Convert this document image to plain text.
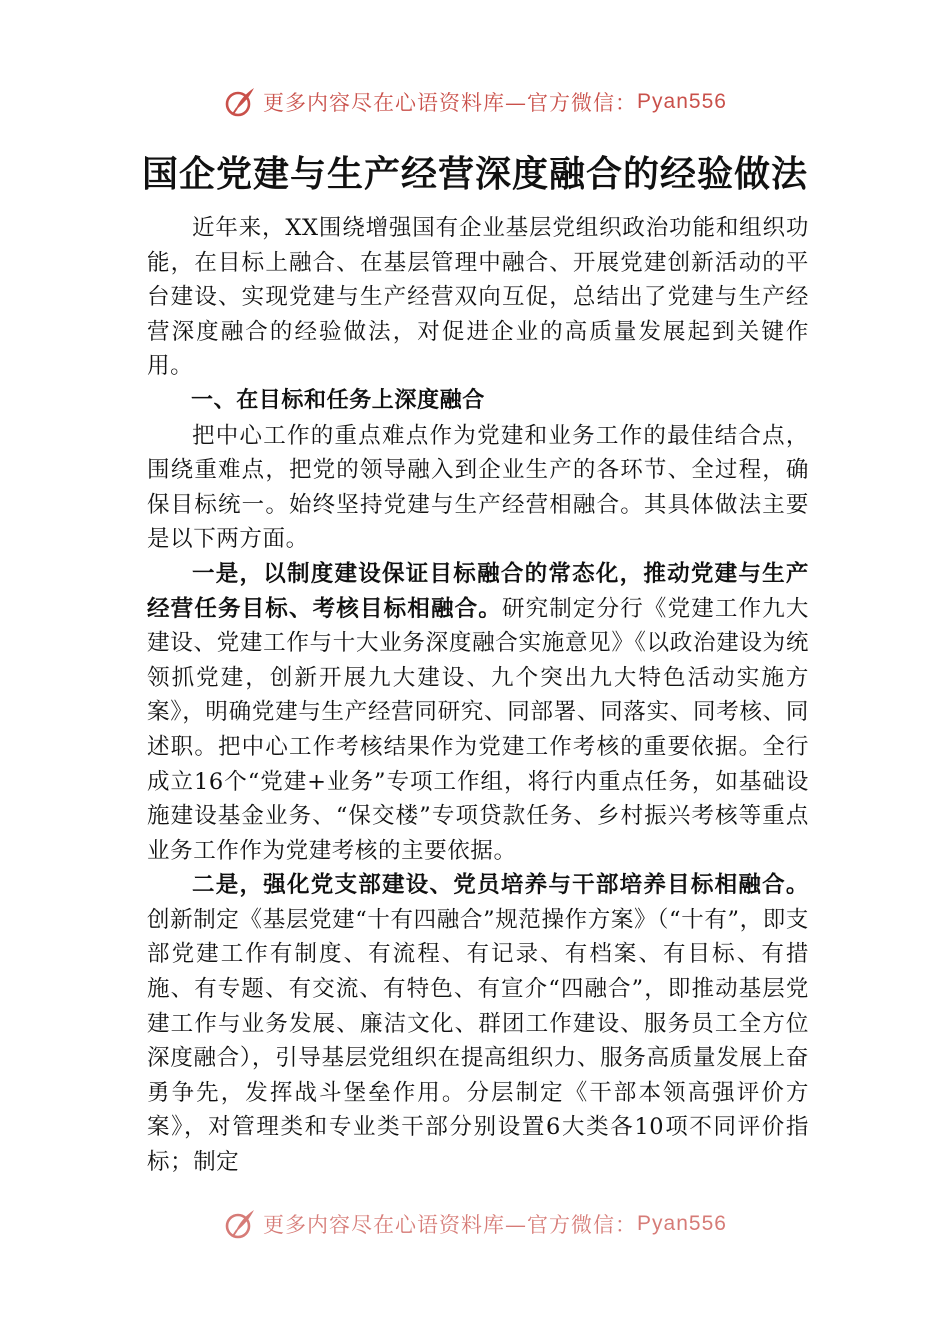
更多内容尽在心语资料库—官方微信： Pyan556
国企党建与生产经营深度融合的经验做法

近年来，XX围绕增强国有企业基层党组织政治功能和组织功能，在目标上融合、在基层管理中融合、开展党建创新活动的平台建设、实现党建与生产经营双向互促，总结出了党建与生产经营深度融合的经验做法，对促进企业的高质量发展起到关键作用。

一、在目标和任务上深度融合

把中心工作的重点难点作为党建和业务工作的最佳结合点，围绕重难点，把党的领导融入到企业生产的各环节、全过程，确保目标统一。始终坚持党建与生产经营相融合。其具体做法主要是以下两方面。

一是，以制度建设保证目标融合的常态化，推动党建与生产经营任务目标、考核目标相融合。研究制定分行《党建工作九大建设、党建工作与十大业务深度融合实施意见》《以政治建设为统领抓党建，创新开展九大建设、九个突出九大特色活动实施方案》，明确党建与生产经营同研究、同部署、同落实、同考核、同述职。把中心工作考核结果作为党建工作考核的重要依据。全行成立16个“党建+业务”专项工作组，将行内重点任务，如基础设施建设基金业务、“保交楼”专项贷款任务、乡村振兴考核等重点业务工作作为党建考核的主要依据。

二是，强化党支部建设、党员培养与干部培养目标相融合。创新制定《基层党建“十有四融合”规范操作方案》（“十有”，即支部党建工作有制度、有流程、有记录、有档案、有目标、有措施、有专题、有交流、有特色、有宣介“四融合”，即推动基层党建工作与业务发展、廉洁文化、群团工作建设、服务员工全方位深度融合），引导基层党组织在提高组织力、服务高质量发展上奋勇争先，发挥战斗堡垒作用。分层制定《干部本领高强评价方案》，对管理类和专业类干部分别设置6大类各10项不同评价指标；制定

更多内容尽在心语资料库—官方微信： Pyan556
